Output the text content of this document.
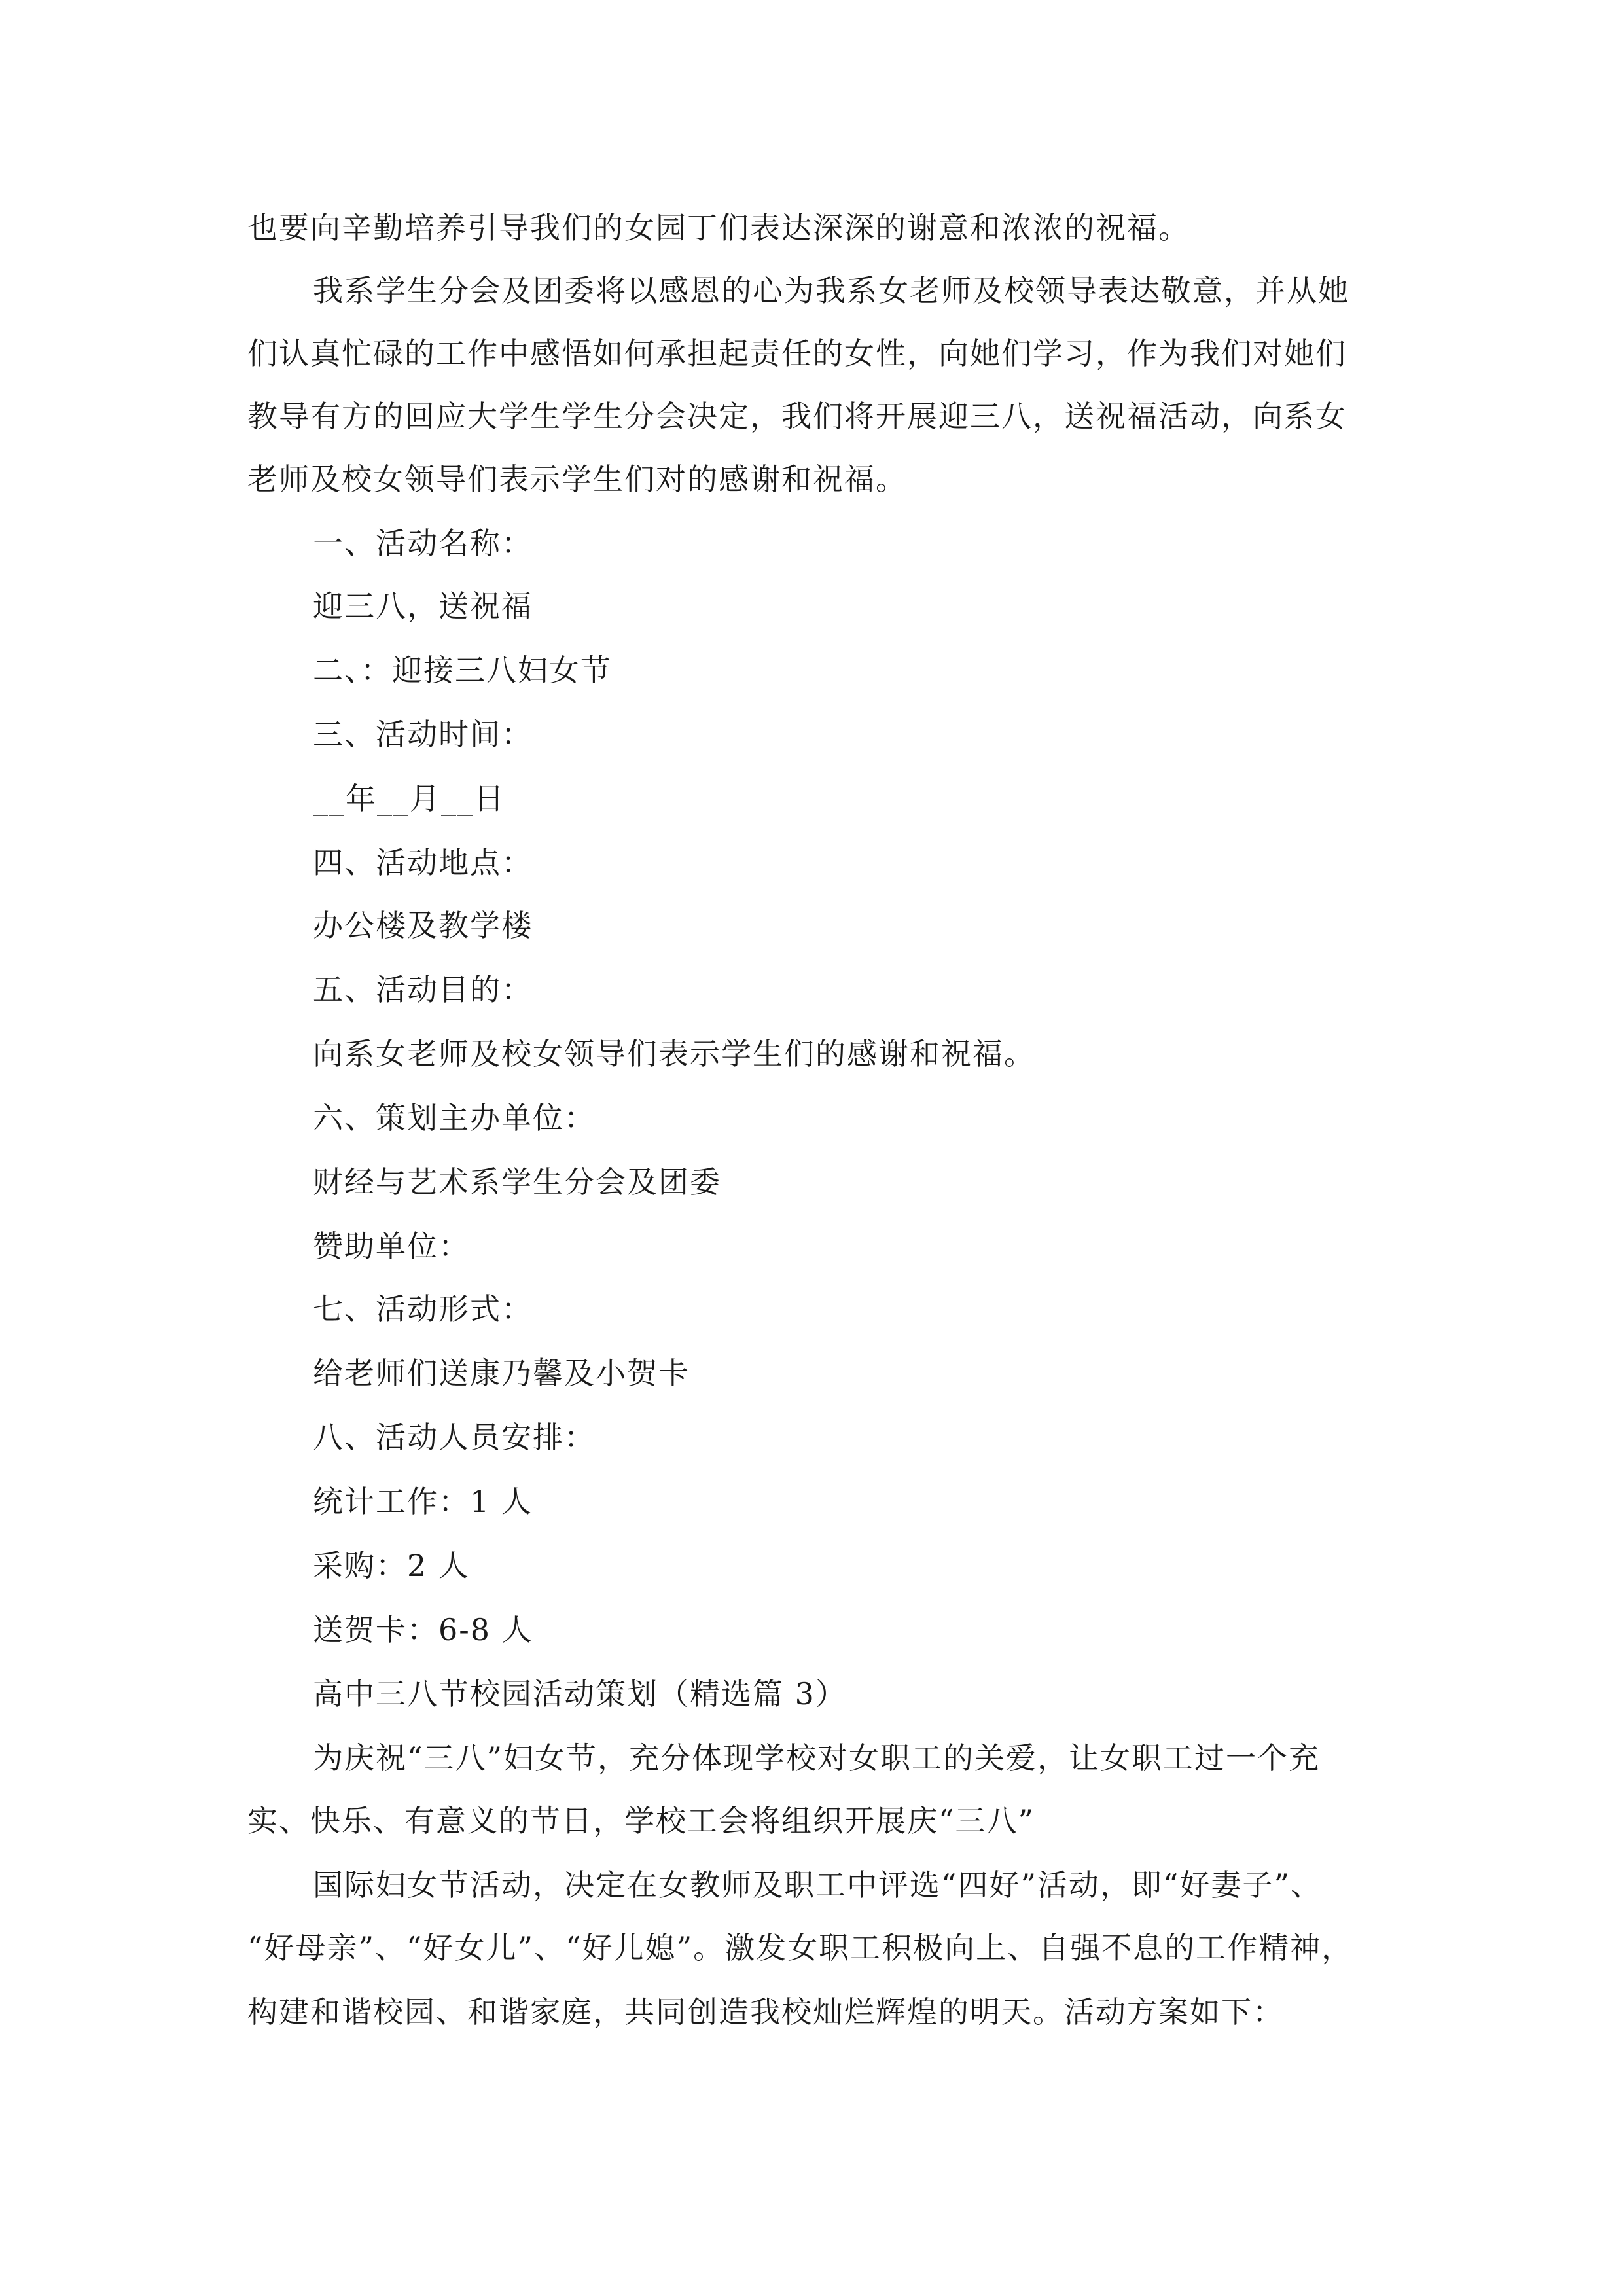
也要向辛勤培养引导我们的女园丁们表达深深的谢意和浓浓的祝福。
我系学生分会及团委将以感恩的心为我系女老师及校领导表达敬意，并从她
们认真忙碌的工作中感悟如何承担起责任的女性，向她们学习，作为我们对她们
教导有方的回应大学生学生分会决定，我们将开展迎三八，送祝福活动，向系女
老师及校女领导们表示学生们对的感谢和祝福。
一、活动名称：
迎三八，送祝福
二、：迎接三八妇女节
三、活动时间：
__年__月__日
四、活动地点：
办公楼及教学楼
五、活动目的：
向系女老师及校女领导们表示学生们的感谢和祝福。
六、策划主办单位：
财经与艺术系学生分会及团委
赞助单位：
七、活动形式：
给老师们送康乃馨及小贺卡
八、活动人员安排：
统计工作：1 人
采购：2 人
送贺卡：6-8 人
高中三八节校园活动策划（精选篇 3）
为庆祝“三八”妇女节，充分体现学校对女职工的关爱，让女职工过一个充
实、快乐、有意义的节日，学校工会将组织开展庆“三八”
国际妇女节活动，决定在女教师及职工中评选“四好”活动，即“好妻子”、
“好母亲”、“好女儿”、“好儿媳”。激发女职工积极向上、自强不息的工作精神，
构建和谐校园、和谐家庭，共同创造我校灿烂辉煌的明天。活动方案如下：
